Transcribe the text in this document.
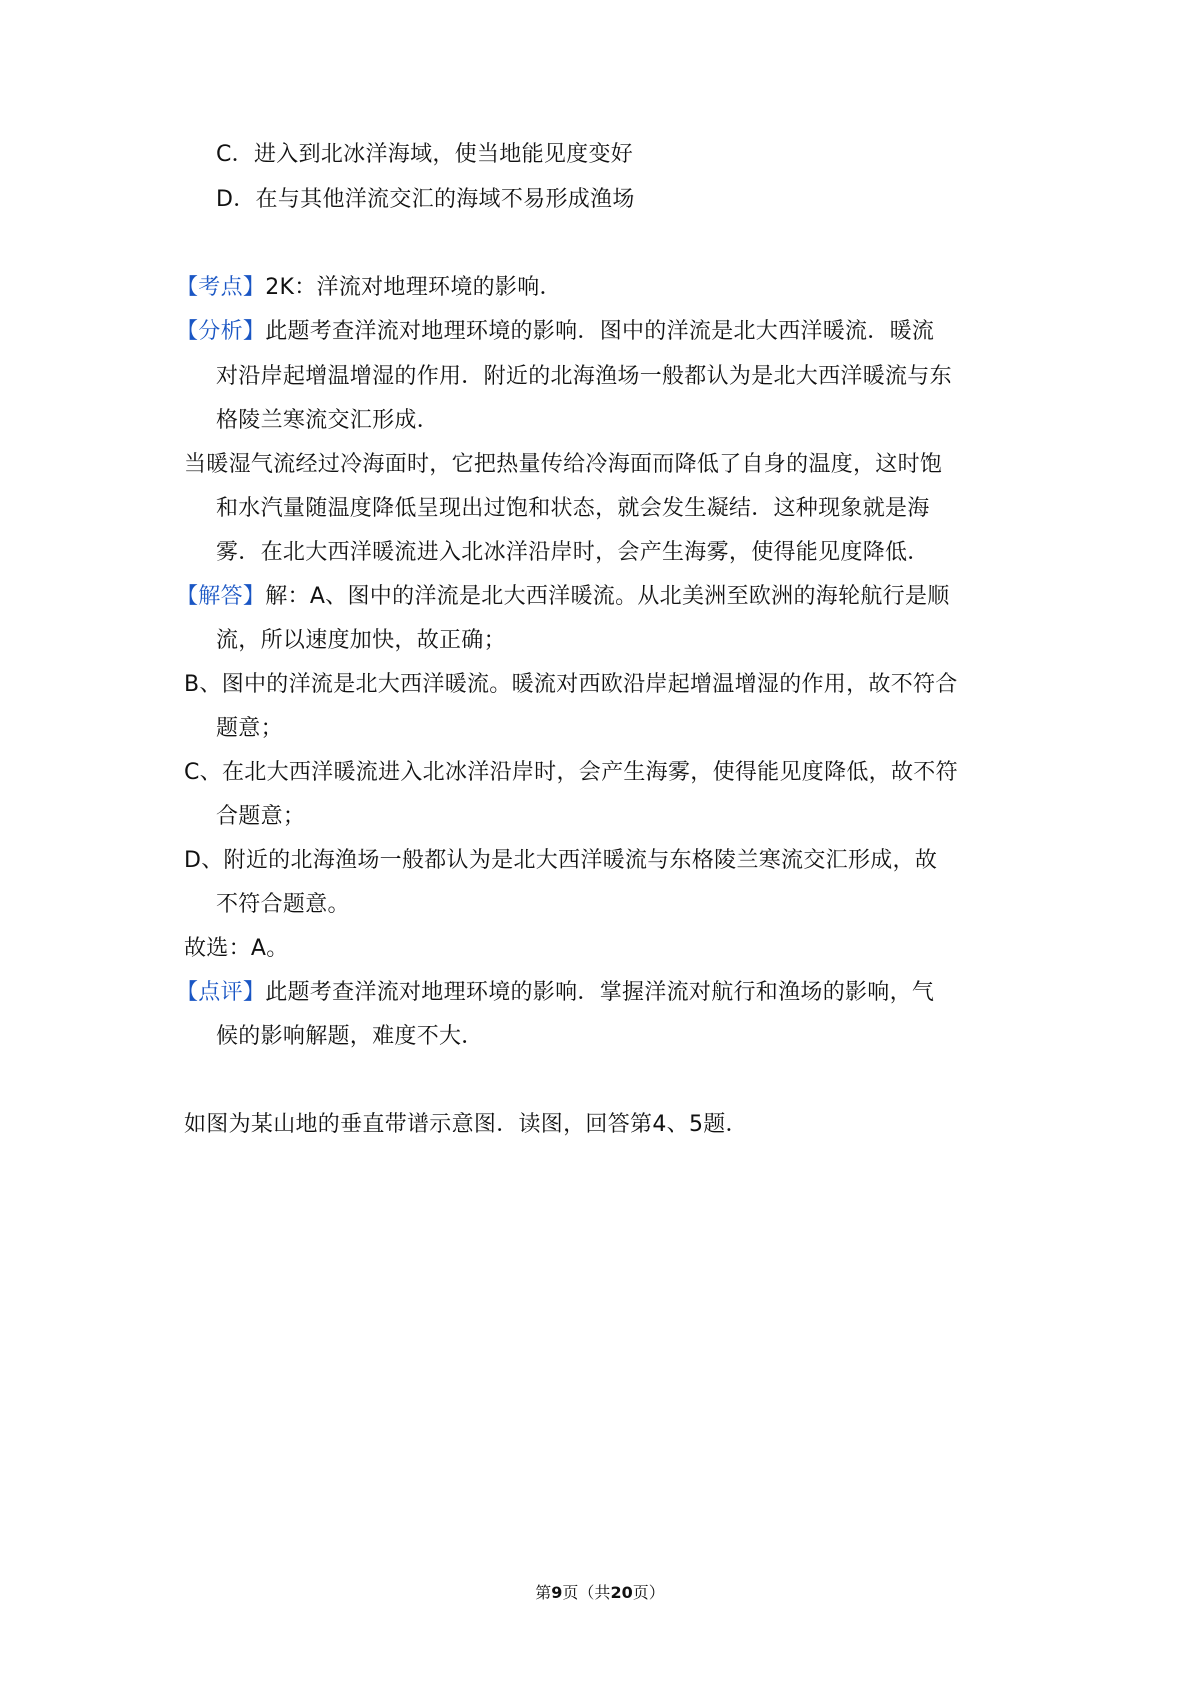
C．进入到北冰洋海域，使当地能见度变好
D．在与其他洋流交汇的海域不易形成渔场
【考点】2K：洋流对地理环境的影响．
【分析】此题考查洋流对地理环境的影响．图中的洋流是北大西洋暖流．暖流
对沿岸起增温增湿的作用．附近的北海渔场一般都认为是北大西洋暖流与东
格陵兰寒流交汇形成．
当暖湿气流经过冷海面时，它把热量传给冷海面而降低了自身的温度，这时饱
和水汽量随温度降低呈现出过饱和状态，就会发生凝结．这种现象就是海
雾．在北大西洋暖流进入北冰洋沿岸时，会产生海雾，使得能见度降低．
【解答】解：A、图中的洋流是北大西洋暖流。从北美洲至欧洲的海轮航行是顺
流，所以速度加快，故正确；
B、图中的洋流是北大西洋暖流。暖流对西欧沿岸起增温增湿的作用，故不符合
题意；
C、在北大西洋暖流进入北冰洋沿岸时，会产生海雾，使得能见度降低，故不符
合题意；
D、附近的北海渔场一般都认为是北大西洋暖流与东格陵兰寒流交汇形成，故
不符合题意。
故选：A。
【点评】此题考查洋流对地理环境的影响．掌握洋流对航行和渔场的影响，气
候的影响解题，难度不大．
如图为某山地的垂直带谱示意图．读图，回答第4、5题．
第9页（共20页）
